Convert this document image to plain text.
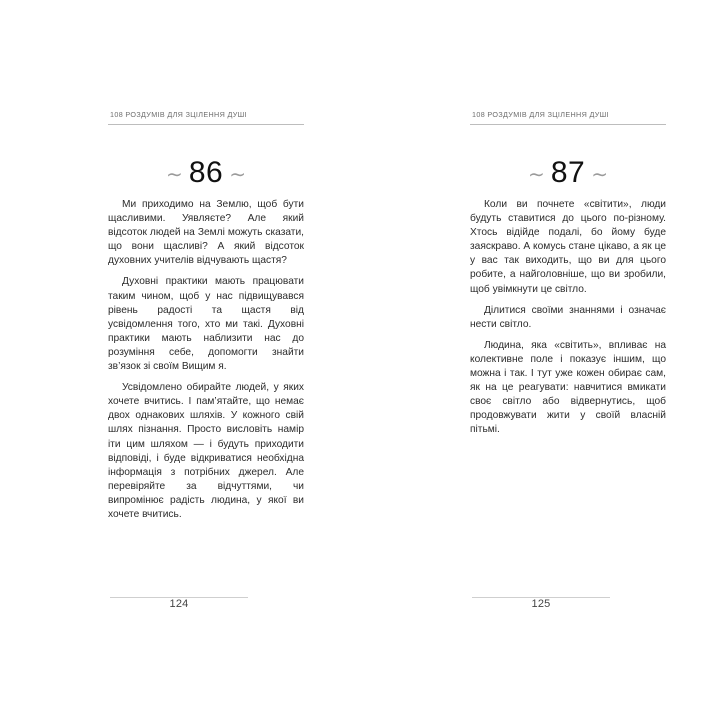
108 РОЗДУМІВ ДЛЯ ЗЦІЛЕННЯ ДУШІ
∼ 86 ∼

Ми приходимо на Землю, щоб бути щасливими. Уявляєте? Але який відсоток людей на Землі можуть сказати, що вони щасливі? А який відсоток духовних учителів відчувають щастя?

Духовні практики мають працювати таким чином, щоб у нас підвищувався рівень радості та щастя від усвідомлення того, хто ми такі. Духовні практики мають наблизити нас до розуміння себе, допомогти знайти зв’язок зі своїм Вищим я.

Усвідомлено обирайте людей, у яких хочете вчитись. І пам’ятайте, що немає двох однакових шляхів. У кожного свій шлях пізнання. Просто висловіть намір іти цим шляхом — і будуть приходити відповіді, і буде відкриватися необхідна інформація з потрібних джерел. Але перевіряйте за відчуттями, чи випромінює радість людина, у якої ви хочете вчитись.

124
108 РОЗДУМІВ ДЛЯ ЗЦІЛЕННЯ ДУШІ
∼ 87 ∼

Коли ви почнете «світити», люди будуть ставитися до цього по-різному. Хтось відійде подалі, бо йому буде заяскраво. А комусь стане цікаво, а як це у вас так виходить, що ви для цього робите, а найголовніше, що ви зробили, щоб увімкнути це світло.

Ділитися своїми знаннями і означає нести світло.

Людина, яка «світить», впливає на колективне поле і показує іншим, що можна і так. І тут уже кожен обирає сам, як на це реагувати: навчитися вмикати своє світло або відвернутись, щоб продовжувати жити у своїй власній пітьмі.

125
